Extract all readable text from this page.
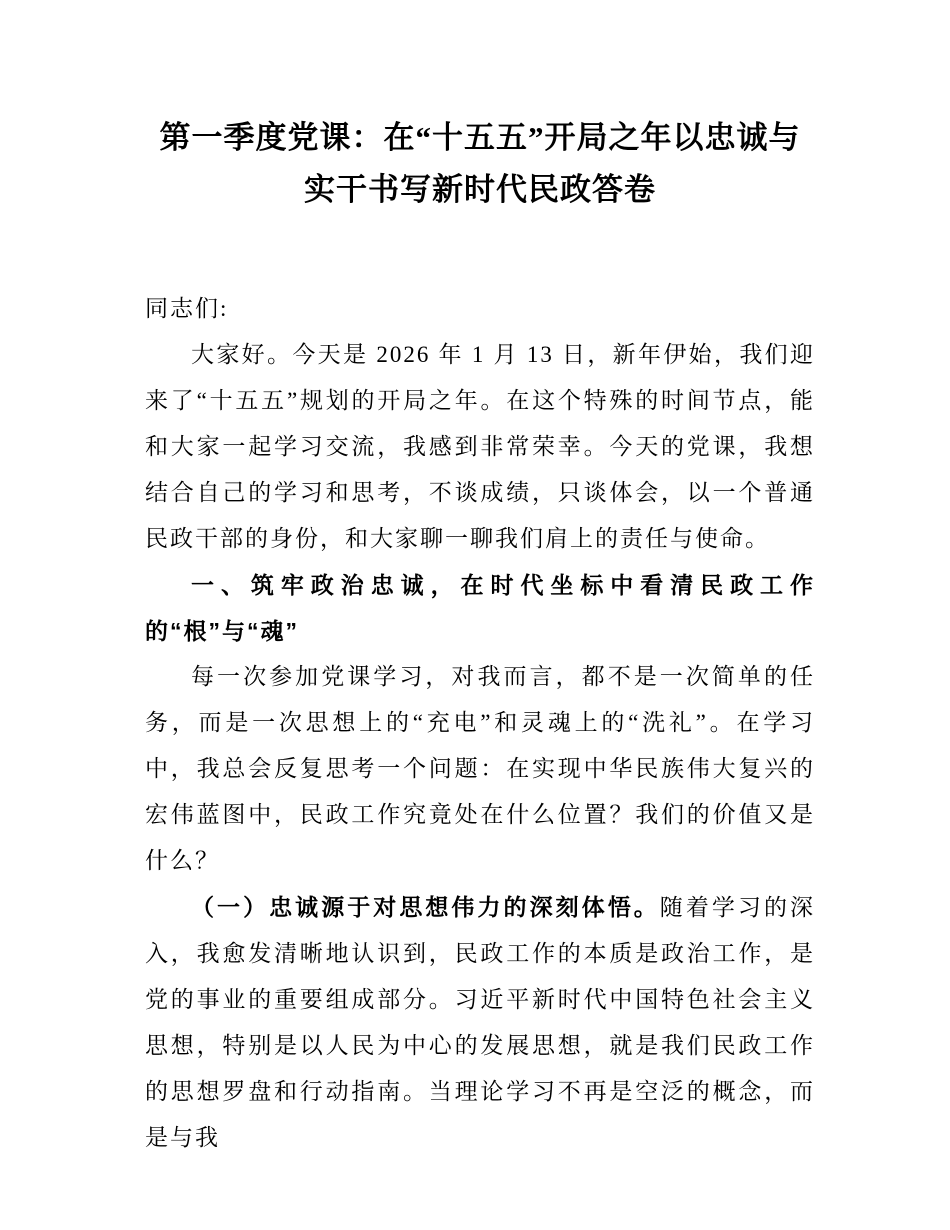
第一季度党课：在“十五五”开局之年以忠诚与实干书写新时代民政答卷

同志们:

大家好。今天是 2026 年 1 月 13 日，新年伊始，我们迎来了“十五五”规划的开局之年。在这个特殊的时间节点，能和大家一起学习交流，我感到非常荣幸。今天的党课，我想结合自己的学习和思考，不谈成绩，只谈体会，以一个普通民政干部的身份，和大家聊一聊我们肩上的责任与使命。

一、筑牢政治忠诚，在时代坐标中看清民政工作的“根”与“魂”

每一次参加党课学习，对我而言，都不是一次简单的任务，而是一次思想上的“充电”和灵魂上的“洗礼”。在学习中，我总会反复思考一个问题：在实现中华民族伟大复兴的宏伟蓝图中，民政工作究竟处在什么位置？我们的价值又是什么？

（一）忠诚源于对思想伟力的深刻体悟。随着学习的深入，我愈发清晰地认识到，民政工作的本质是政治工作，是党的事业的重要组成部分。习近平新时代中国特色社会主义思想，特别是以人民为中心的发展思想，就是我们民政工作的思想罗盘和行动指南。当理论学习不再是空泛的概念，而是与我
